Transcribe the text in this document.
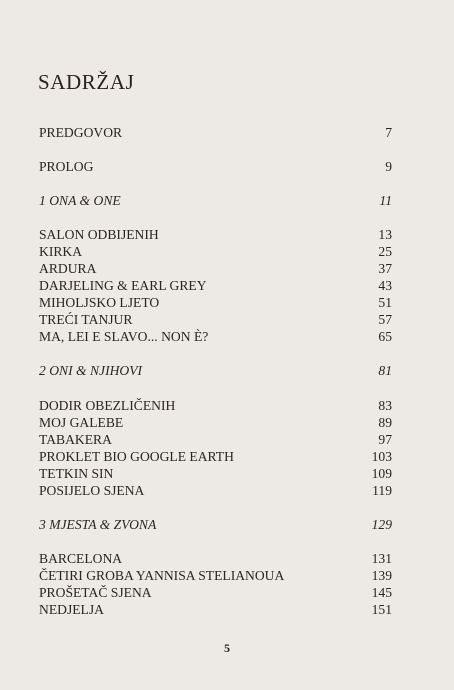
SADRŽAJ
PREDGOVOR	7
PROLOG	9
1 ONA & ONE	11
SALON ODBIJENIH	13
KIRKA	25
ARDURA	37
DARJELING & EARL GREY	43
MIHOLJSKO LJETO	51
TREĆI TANJUR	57
MA, LEI E SLAVO... NON È?	65
2 ONI & NJIHOVI	81
DODIR OBEZLIČENIH	83
MOJ GALEBE	89
TABAKERA	97
PROKLET BIO GOOGLE EARTH	103
TETKIN SIN	109
POSIJELO SJENA	119
3 MJESTA & ZVONA	129
BARCELONA	131
ČETIRI GROBA YANNISA STELIANOUA	139
PROŠETAČ SJENA	145
NEDJELJA	151
5
